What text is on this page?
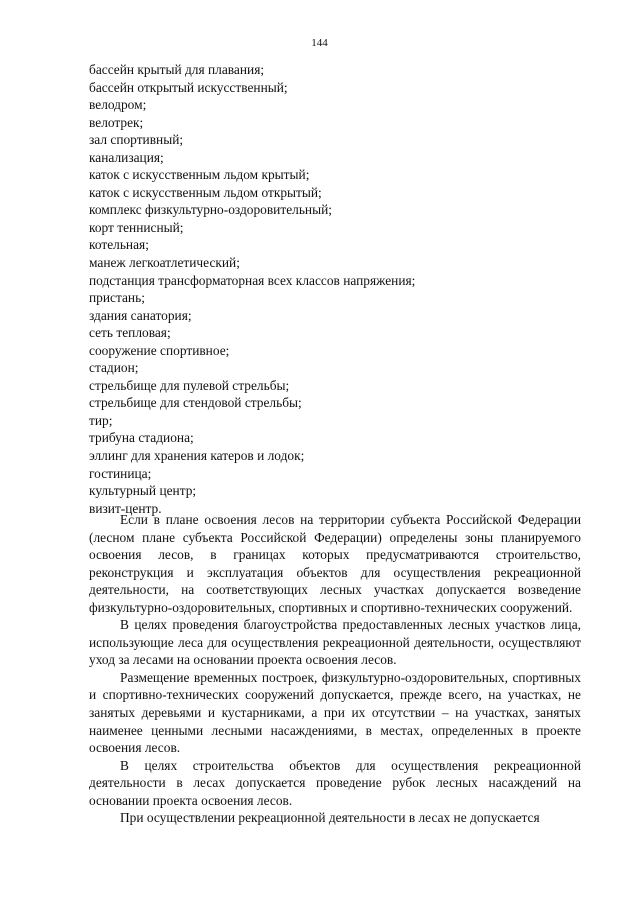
144
бассейн крытый для плавания;
бассейн открытый искусственный;
велодром;
велотрек;
зал спортивный;
канализация;
каток с искусственным льдом крытый;
каток с искусственным льдом открытый;
комплекс физкультурно-оздоровительный;
корт теннисный;
котельная;
манеж легкоатлетический;
подстанция трансформаторная всех классов напряжения;
пристань;
здания санатория;
сеть тепловая;
сооружение спортивное;
стадион;
стрельбище для пулевой стрельбы;
стрельбище для стендовой стрельбы;
тир;
трибуна стадиона;
эллинг для хранения катеров и лодок;
гостиница;
культурный центр;
визит-центр.

Если в плане освоения лесов на территории субъекта Российской Федерации (лесном плане субъекта Российской Федерации) определены зоны планируемого освоения лесов, в границах которых предусматриваются строительство, реконструкция и эксплуатация объектов для осуществления рекреационной деятельности, на соответствующих лесных участках допускается возведение физкультурно-оздоровительных, спортивных и спортивно-технических сооружений.

В целях проведения благоустройства предоставленных лесных участков лица, использующие леса для осуществления рекреационной деятельности, осуществляют уход за лесами на основании проекта освоения лесов.

Размещение временных построек, физкультурно-оздоровительных, спортивных и спортивно-технических сооружений допускается, прежде всего, на участках, не занятых деревьями и кустарниками, а при их отсутствии – на участках, занятых наименее ценными лесными насаждениями, в местах, определенных в проекте освоения лесов.

В целях строительства объектов для осуществления рекреационной деятельности в лесах допускается проведение рубок лесных насаждений на основании проекта освоения лесов.

При осуществлении рекреационной деятельности в лесах не допускается
